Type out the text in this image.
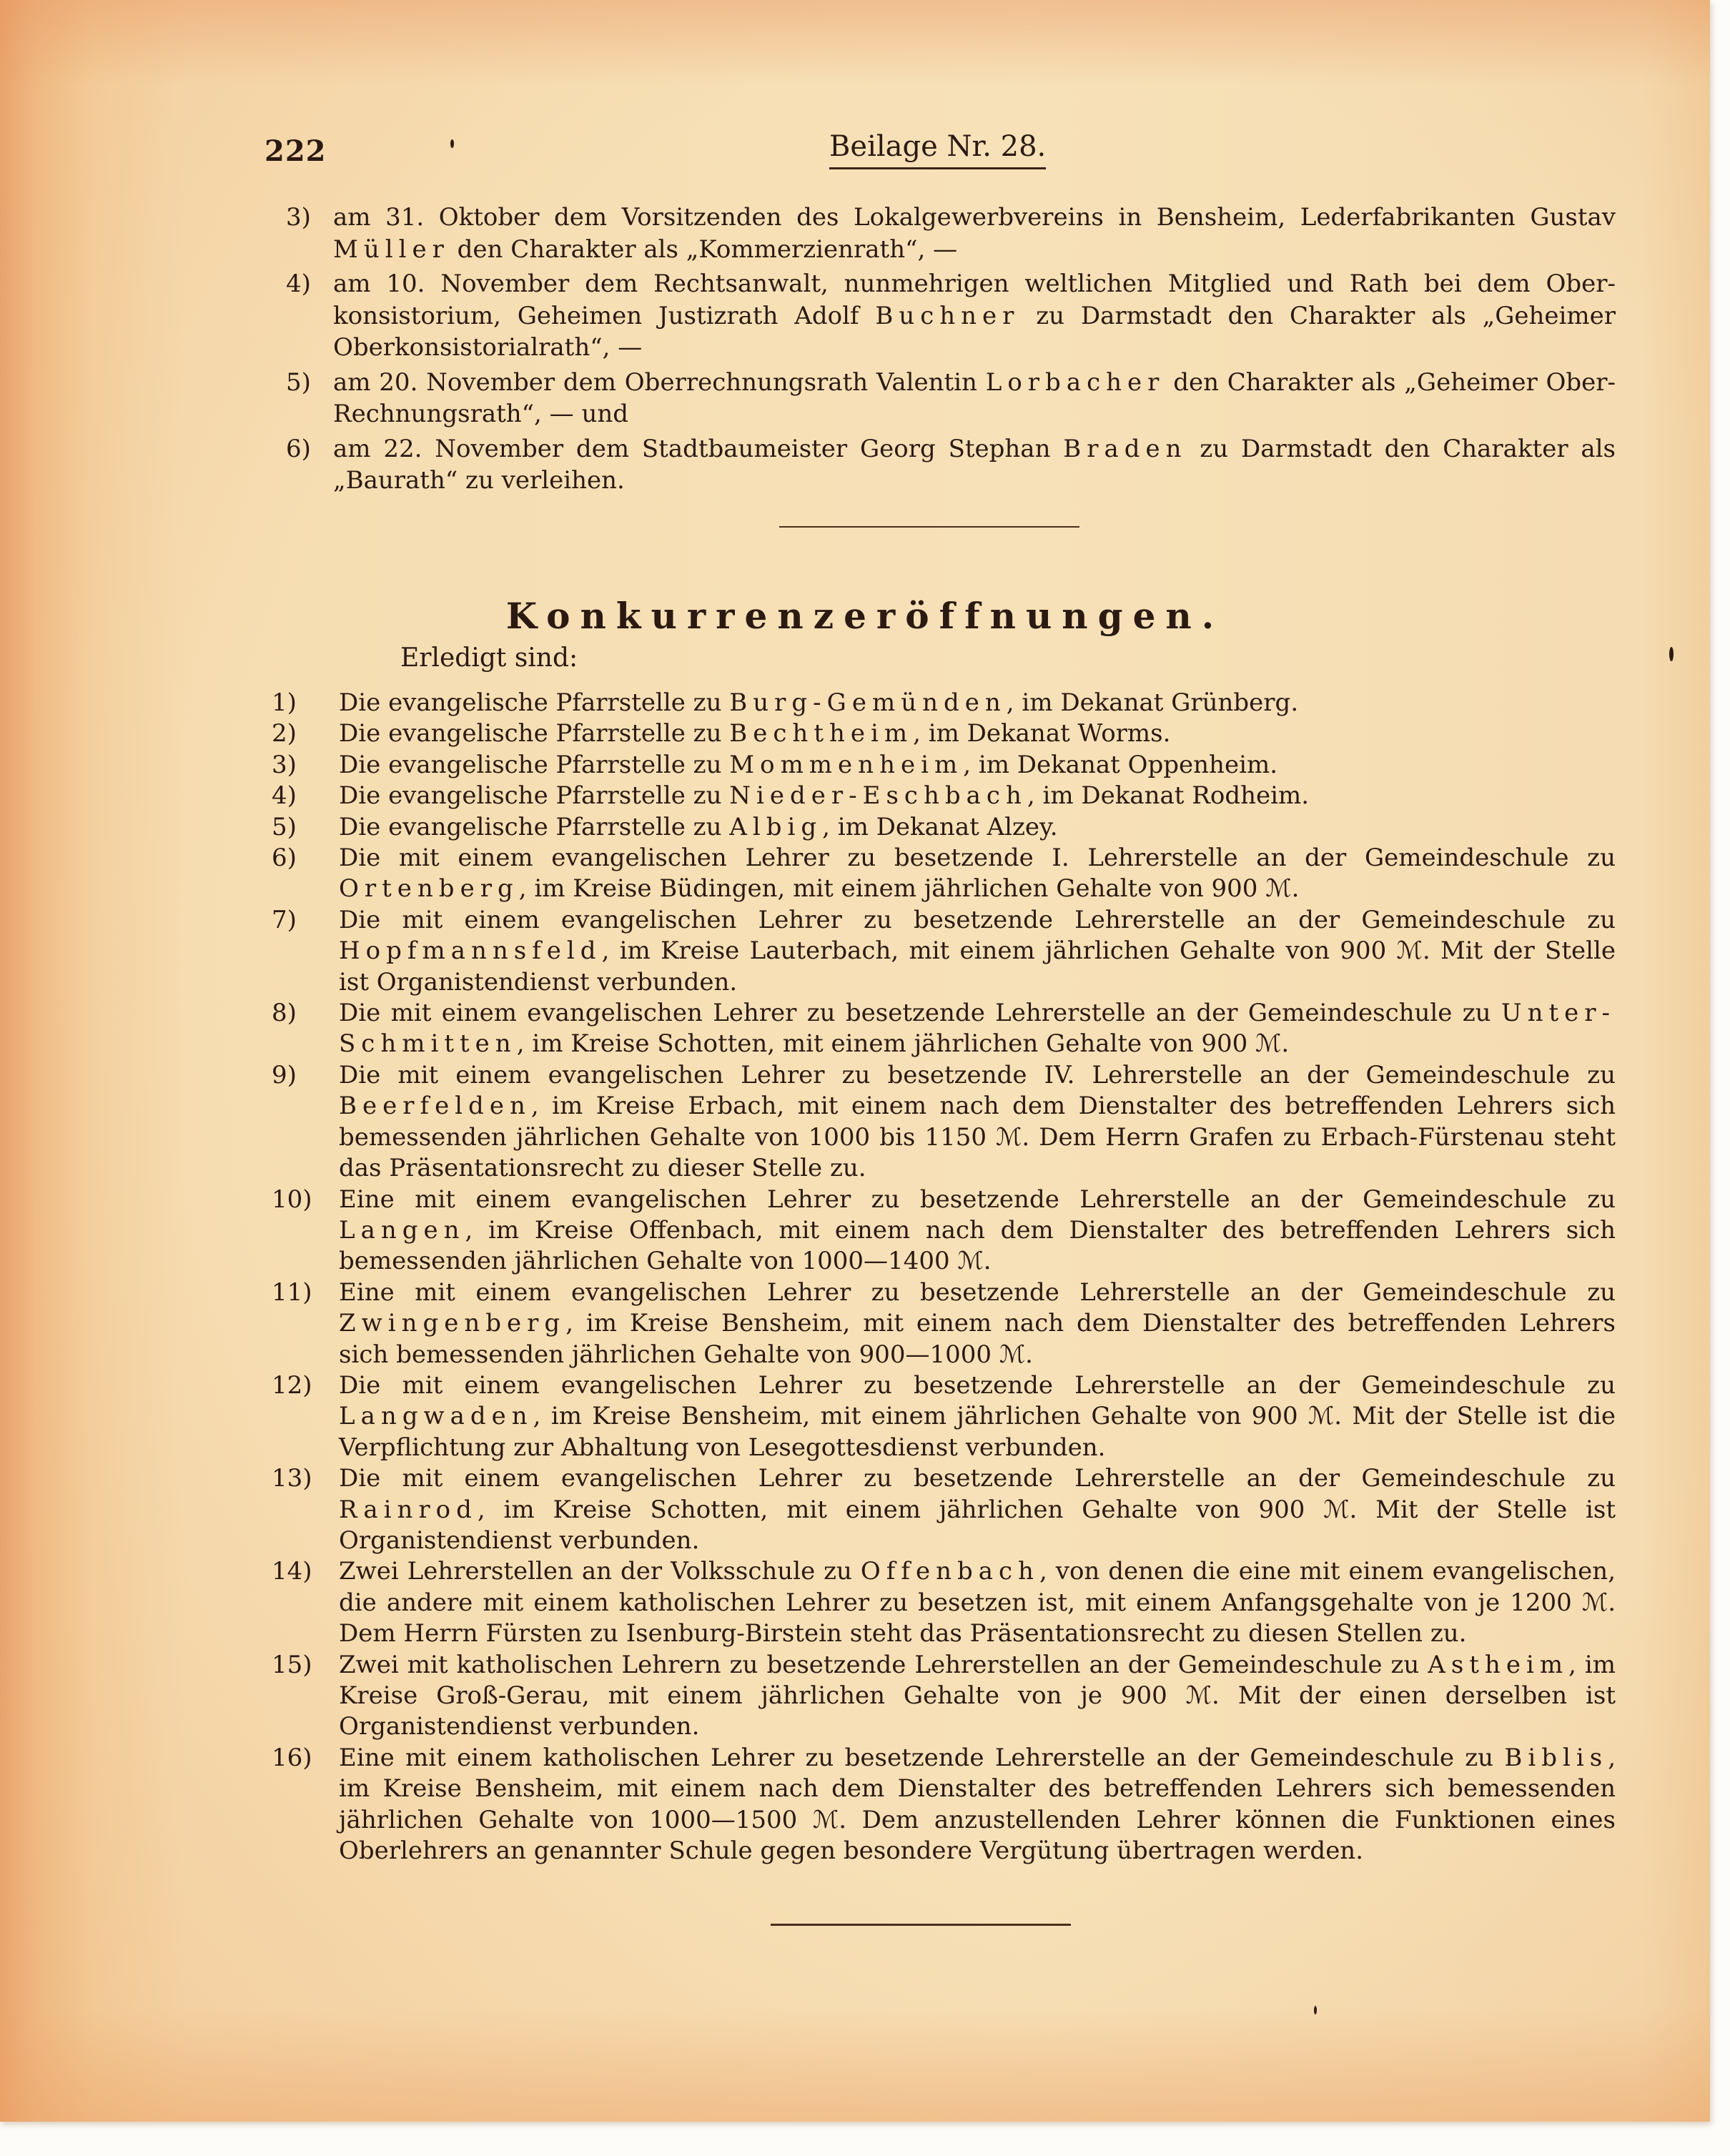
222	Beilage Nr. 28.
3) am 31. Oktober dem Vorsitzenden des Lokalgewerbvereins in Bensheim, Lederfabrikanten Gustav Müller den Charakter als „Kommerzienrath“, —
4) am 10. November dem Rechtsanwalt, nunmehrigen weltlichen Mitglied und Rath bei dem Ober-konsistorium, Geheimen Justizrath Adolf Buchner zu Darmstadt den Charakter als „Geheimer Oberkonsistorialrath“, —
5) am 20. November dem Oberrechnungsrath Valentin Lorbacher den Charakter als „Geheimer Ober-Rechnungsrath“, — und
6) am 22. November dem Stadtbaumeister Georg Stephan Braden zu Darmstadt den Charakter als „Baurath“ zu verleihen.
Konkurrenzeröffnungen.
Erledigt sind:
1) Die evangelische Pfarrstelle zu Burg-Gemünden, im Dekanat Grünberg.
2) Die evangelische Pfarrstelle zu Bechtheim, im Dekanat Worms.
3) Die evangelische Pfarrstelle zu Mommenheim, im Dekanat Oppenheim.
4) Die evangelische Pfarrstelle zu Nieder-Eschbach, im Dekanat Rodheim.
5) Die evangelische Pfarrstelle zu Albig, im Dekanat Alzey.
6) Die mit einem evangelischen Lehrer zu besetzende I. Lehrerstelle an der Gemeindeschule zu Ortenberg, im Kreise Büdingen, mit einem jährlichen Gehalte von 900 ℳ.
7) Die mit einem evangelischen Lehrer zu besetzende Lehrerstelle an der Gemeindeschule zu Hopfmannsfeld, im Kreise Lauterbach, mit einem jährlichen Gehalte von 900 ℳ. Mit der Stelle ist Organistendienst verbunden.
8) Die mit einem evangelischen Lehrer zu besetzende Lehrerstelle an der Gemeindeschule zu Unter-Schmitten, im Kreise Schotten, mit einem jährlichen Gehalte von 900 ℳ.
9) Die mit einem evangelischen Lehrer zu besetzende IV. Lehrerstelle an der Gemeindeschule zu Beerfelden, im Kreise Erbach, mit einem nach dem Dienstalter des betreffenden Lehrers sich bemessenden jährlichen Gehalte von 1000 bis 1150 ℳ. Dem Herrn Grafen zu Erbach-Fürstenau steht das Präsentationsrecht zu dieser Stelle zu.
10) Eine mit einem evangelischen Lehrer zu besetzende Lehrerstelle an der Gemeindeschule zu Langen, im Kreise Offenbach, mit einem nach dem Dienstalter des betreffenden Lehrers sich bemessenden jährlichen Gehalte von 1000—1400 ℳ.
11) Eine mit einem evangelischen Lehrer zu besetzende Lehrerstelle an der Gemeindeschule zu Zwingenberg, im Kreise Bensheim, mit einem nach dem Dienstalter des betreffenden Lehrers sich bemessenden jährlichen Gehalte von 900—1000 ℳ.
12) Die mit einem evangelischen Lehrer zu besetzende Lehrerstelle an der Gemeindeschule zu Langwaden, im Kreise Bensheim, mit einem jährlichen Gehalte von 900 ℳ. Mit der Stelle ist die Verpflichtung zur Abhaltung von Lesegottesdienst verbunden.
13) Die mit einem evangelischen Lehrer zu besetzende Lehrerstelle an der Gemeindeschule zu Rainrod, im Kreise Schotten, mit einem jährlichen Gehalte von 900 ℳ. Mit der Stelle ist Organistendienst verbunden.
14) Zwei Lehrerstellen an der Volksschule zu Offenbach, von denen die eine mit einem evangelischen, die andere mit einem katholischen Lehrer zu besetzen ist, mit einem Anfangsgehalte von je 1200 ℳ. Dem Herrn Fürsten zu Isenburg-Birstein steht das Präsentationsrecht zu diesen Stellen zu.
15) Zwei mit katholischen Lehrern zu besetzende Lehrerstellen an der Gemeindeschule zu Astheim, im Kreise Groß-Gerau, mit einem jährlichen Gehalte von je 900 ℳ. Mit der einen derselben ist Organistendienst verbunden.
16) Eine mit einem katholischen Lehrer zu besetzende Lehrerstelle an der Gemeindeschule zu Biblis, im Kreise Bensheim, mit einem nach dem Dienstalter des betreffenden Lehrers sich bemessenden jährlichen Gehalte von 1000—1500 ℳ. Dem anzustellenden Lehrer können die Funktionen eines Oberlehrers an genannter Schule gegen besondere Vergütung übertragen werden.
